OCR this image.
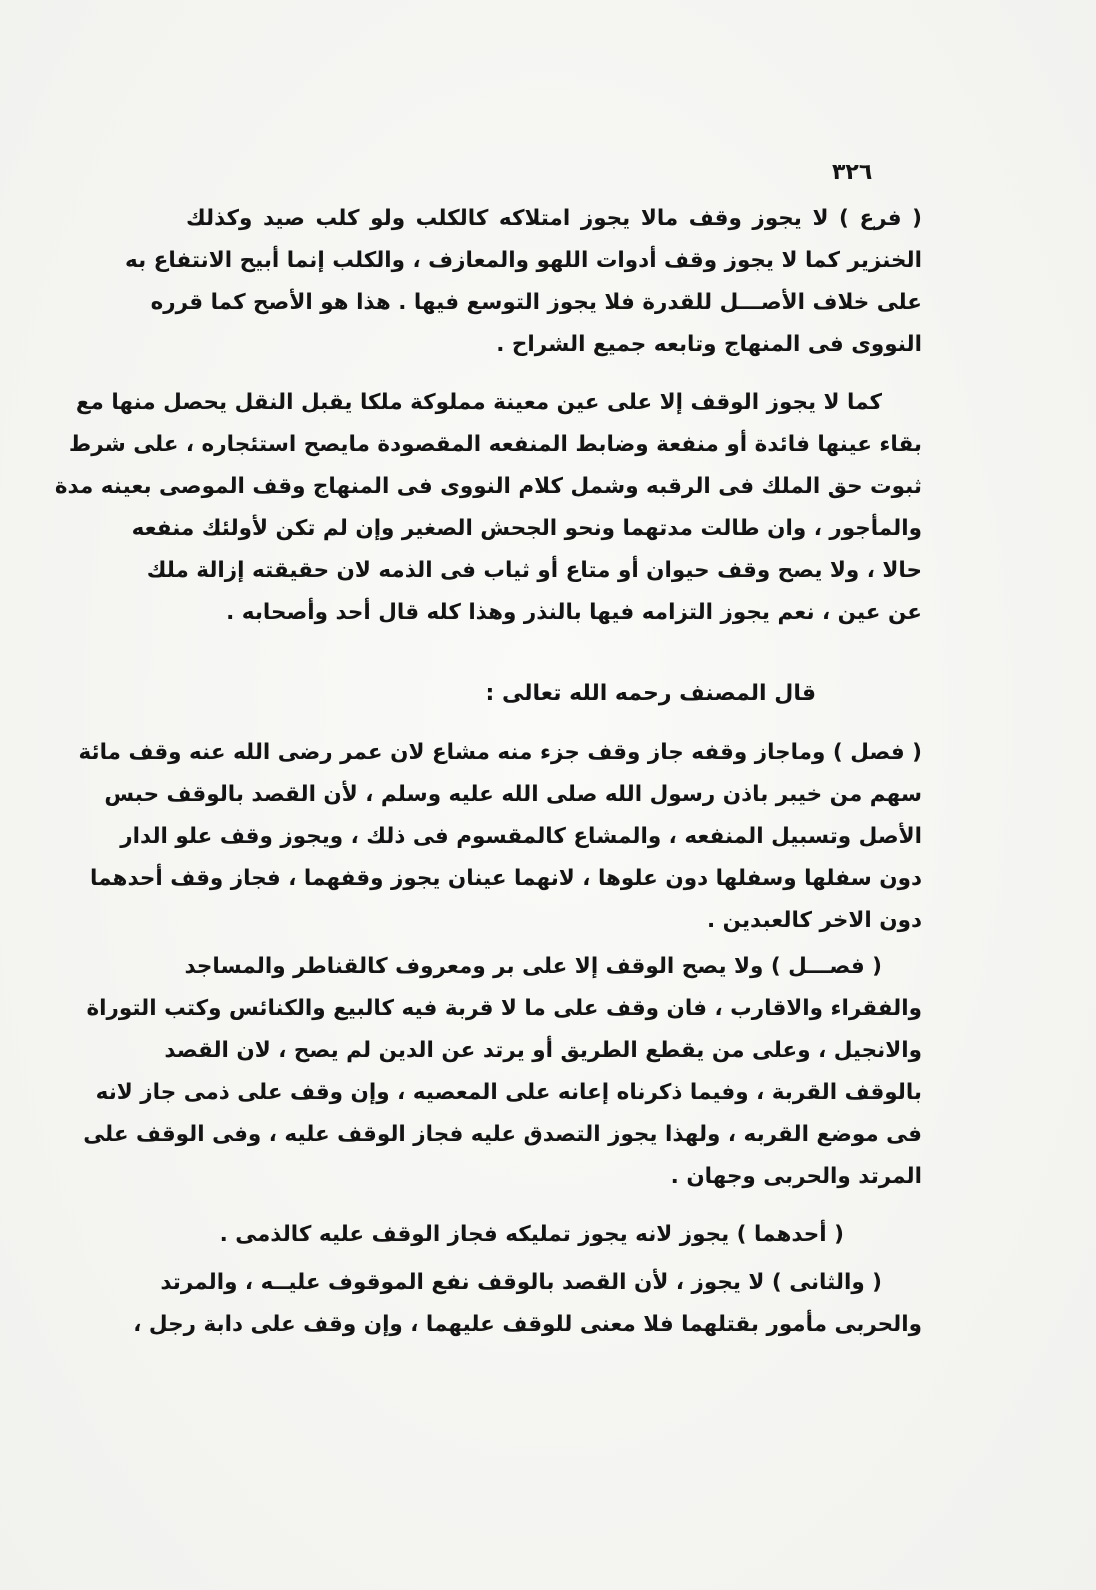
٣٢٦
( فرع ) لا يجوز وقف مالا يجوز امتلاكه كالكلب ولو كلب صيد وكذلك
الخنزير كما لا يجوز وقف أدوات اللهو والمعازف ، والكلب إنما أبيح الانتفاع به
على خلاف الأصـــل للقدرة فلا يجوز التوسع فيها . هذا هو الأصح كما قرره
النووى فى المنهاج وتابعه جميع الشراح .
كما لا يجوز الوقف إلا على عين معينة مملوكة ملكا يقبل النقل يحصل منها مع
بقاء عينها فائدة أو منفعة وضابط المنفعه المقصودة مايصح استئجاره ، على شرط
ثبوت حق الملك فى الرقبه وشمل كلام النووى فى المنهاج وقف الموصى بعينه مدة
والمأجور ، وان طالت مدتهما ونحو الجحش الصغير وإن لم تكن لأولئك منفعه
حالا ، ولا يصح وقف حيوان أو متاع أو ثياب فى الذمه لان حقيقته إزالة ملك
عن عين ، نعم يجوز التزامه فيها بالنذر وهذا كله قال أحد وأصحابه .
قال المصنف رحمه الله تعالى :
( فصل ) وماجاز وقفه جاز وقف جزء منه مشاع لان عمر رضى الله عنه وقف مائة
سهم من خيبر باذن رسول الله صلى الله عليه وسلم ، لأن القصد بالوقف حبس
الأصل وتسبيل المنفعه ، والمشاع كالمقسوم فى ذلك ، ويجوز وقف علو الدار
دون سفلها وسفلها دون علوها ، لانهما عينان يجوز وقفهما ، فجاز وقف أحدهما
دون الاخر كالعبدين .
( فصـــل ) ولا يصح الوقف إلا على بر ومعروف كالقناطر والمساجد
والفقراء والاقارب ، فان وقف على ما لا قربة فيه كالبيع والكنائس وكتب التوراة
والانجيل ، وعلى من يقطع الطريق أو يرتد عن الدين لم يصح ، لان القصد
بالوقف القربة ، وفيما ذكرناه إعانه على المعصيه ، وإن وقف على ذمى جاز لانه
فى موضع القربه ، ولهذا يجوز التصدق عليه فجاز الوقف عليه ، وفى الوقف على
المرتد والحربى وجهان .
( أحدهما ) يجوز لانه يجوز تمليكه فجاز الوقف عليه كالذمى .
( والثانى ) لا يجوز ، لأن القصد بالوقف نفع الموقوف عليــه ، والمرتد
والحربى مأمور بقتلهما فلا معنى للوقف عليهما ، وإن وقف على دابة رجل ،
